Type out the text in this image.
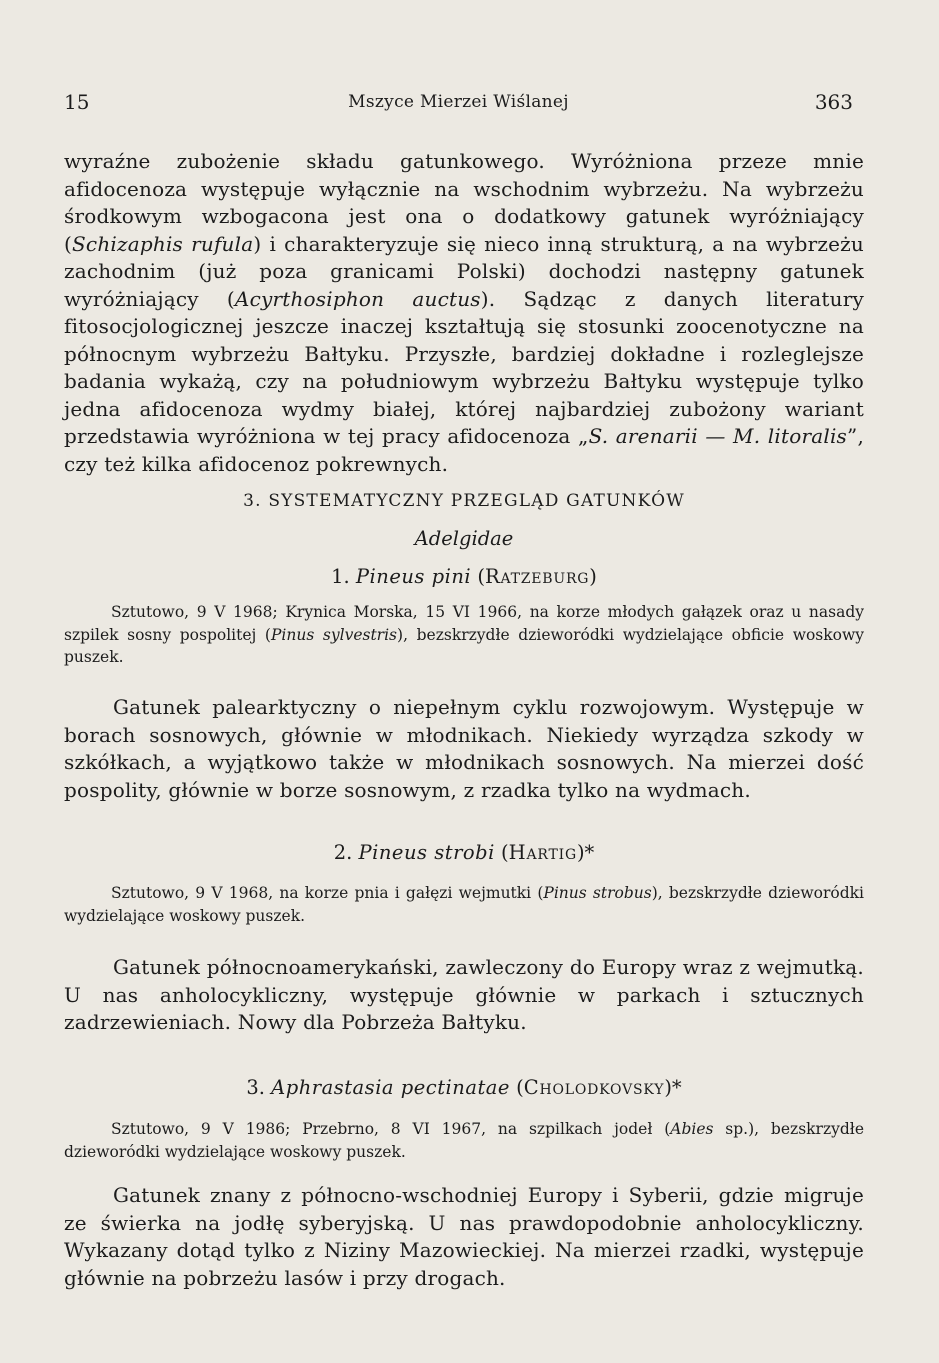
15	Mszyce Mierzei Wiślanej	363

wyraźne zubożenie składu gatunkowego. Wyróżniona przeze mnie afidocenoza występuje wyłącznie na wschodnim wybrzeżu. Na wybrzeżu środkowym wzbogacona jest ona o dodatkowy gatunek wyróżniający (Schizaphis rufula) i charakteryzuje się nieco inną strukturą, a na wybrzeżu zachodnim (już poza granicami Polski) dochodzi następny gatunek wyróżniający (Acyrthosiphon auctus). Sądząc z danych literatury fitosocjologicznej jeszcze inaczej kształtują się stosunki zoocenotyczne na północnym wybrzeżu Bałtyku. Przyszłe, bardziej dokładne i rozleglejsze badania wykażą, czy na południowym wybrzeżu Bałtyku występuje tylko jedna afidocenoza wydmy białej, której najbardziej zubożony wariant przedstawia wyróżniona w tej pracy afidocenoza „S. arenarii — M. litoralis”, czy też kilka afidocenoz pokrewnych.

3. SYSTEMATYCZNY PRZEGLĄD GATUNKÓW

Adelgidae

1. Pineus pini (Ratzeburg)

Sztutowo, 9 V 1968; Krynica Morska, 15 VI 1966, na korze młodych gałązek oraz u nasady szpilek sosny pospolitej (Pinus sylvestris), bezskrzydłe dzieworódki wydzielające obficie woskowy puszek.

Gatunek palearktyczny o niepełnym cyklu rozwojowym. Występuje w borach sosnowych, głównie w młodnikach. Niekiedy wyrządza szkody w szkółkach, a wyjątkowo także w młodnikach sosnowych. Na mierzei dość pospolity, głównie w borze sosnowym, z rzadka tylko na wydmach.

2. Pineus strobi (Hartig)*

Sztutowo, 9 V 1968, na korze pnia i gałęzi wejmutki (Pinus strobus), bezskrzydłe dzieworódki wydzielające woskowy puszek.

Gatunek północnoamerykański, zawleczony do Europy wraz z wejmutką. U nas anholocykliczny, występuje głównie w parkach i sztucznych zadrzewieniach. Nowy dla Pobrzeża Bałtyku.

3. Aphrastasia pectinatae (Cholodkovsky)*

Sztutowo, 9 V 1986; Przebrno, 8 VI 1967, na szpilkach jodeł (Abies sp.), bezskrzydłe dzieworódki wydzielające woskowy puszek.

Gatunek znany z północno-wschodniej Europy i Syberii, gdzie migruje ze świerka na jodłę syberyjską. U nas prawdopodobnie anholocykliczny. Wykazany dotąd tylko z Niziny Mazowieckiej. Na mierzei rzadki, występuje głównie na pobrzeżu lasów i przy drogach.
